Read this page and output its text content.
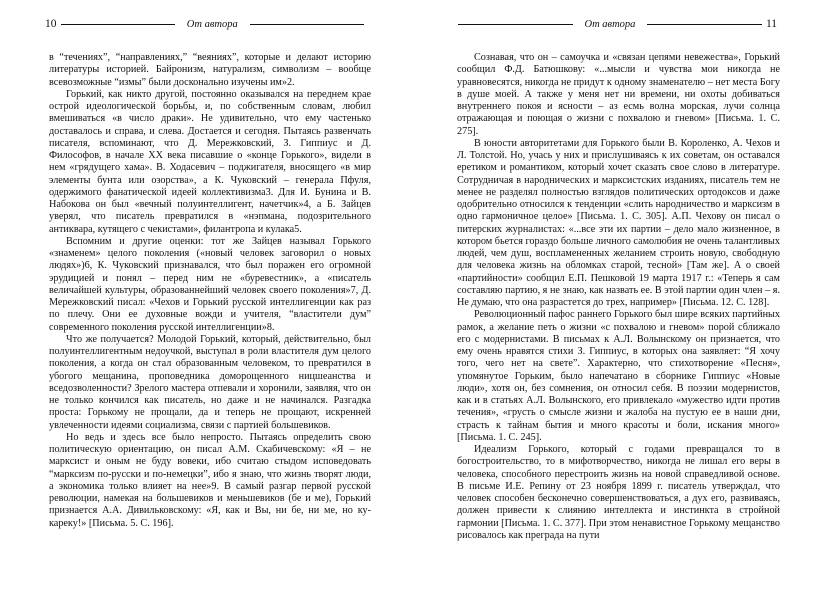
10	От автора

в “течениях”, “направлениях,” “веяниях”, которые и делают историю литературы историей. Байронизм, натурализм, символизм – вообще всевозможные “измы” были досконально изучены им»2.

Горький, как никто другой, постоянно оказывался на переднем крае острой идеологической борьбы, и, по собственным словам, любил вмешиваться «в число драки». Не удивительно, что ему частенько доставалось и справа, и слева. Достается и сегодня. Пытаясь развенчать писателя, вспоминают, что Д. Мережковский, З. Гиппиус и Д. Философов, в начале ХХ века писавшие о «конце Горького», видели в нем «грядущего хама». В. Ходасевич – поджигателя, вносящего «в мир элементы бунта или озорства», а К. Чуковский – генерала Пфуля, одержимого фанатической идеей коллективизма3. Для И. Бунина и В. Набокова он был «вечный полуинтеллигент, начетчик»4, а Б. Зайцев уверял, что писатель превратился в «нэпмана, подозрительного антиквара, кутящего с чекистами», филантропа и кулака5.

Вспомним и другие оценки: тот же Зайцев называл Горького «знаменем» целого поколения («новый человек заговорил о новых людях»)6, К. Чуковский признавался, что был поражен его огромной эрудицией и понял – перед ним не «буревестник», а «писатель величайшей культуры, образованнейший человек своего поколения»7, Д. Мережковский писал: «Чехов и Горький русской интеллигенции как раз по плечу. Они ее духовные вожди и учителя, “властители дум” современного поколения русской интеллигенции»8.

Что же получается? Молодой Горький, который, действительно, был полуинтеллигентным недоучкой, выступал в роли властителя дум целого поколения, а когда он стал образованным человеком, то превратился в убогого мещанина, проповедника доморощенного ницшеанства и вседозволенности? Зрелого мастера отпевали и хоронили, заявляя, что он не только кончился как писатель, но даже и не начинался. Разгадка проста: Горькому не прощали, да и теперь не прощают, искренней увлеченности идеями социализма, связи с партией большевиков.

Но ведь и здесь все было непросто. Пытаясь определить свою политическую ориентацию, он писал А.М. Скабичевскому: «Я – не марксист и оным не буду вовеки, ибо считаю стыдом исповедовать “марксизм по-русски и по-немецки”, ибо я знаю, что жизнь творят люди, а экономика только влияет на нее»9. В самый разгар первой русской революции, намекая на большевиков и меньшевиков (бе и ме), Горький признается А.А. Дивильковскому: «Я, как и Вы, ни бе, ни ме, но ку-кареку!» [Письма. 5. С. 196].

От автора	11

Сознавая, что он – самоучка и «связан цепями невежества», Горький сообщил Ф.Д. Батюшкову: «...мысли и чувства мои никогда не уравновесятся, никогда не придут к одному знаменателю – нет места Богу в душе моей. А также у меня нет ни времени, ни охоты добиваться внутреннего покоя и ясности – аз есмь волна морская, лучи солнца отражающая и поющая о жизни с похвалою и гневом» [Письма. 1. С. 275].

В юности авторитетами для Горького были В. Короленко, А. Чехов и Л. Толстой. Но, учась у них и прислушиваясь к их советам, он оставался еретиком и романтиком, который хочет сказать свое слово в литературе. Сотрудничая в народнических и марксистских изданиях, писатель тем не менее не разделял полностью взглядов политических ортодоксов и даже одобрительно относился к тенденции «слить народничество и марксизм в одно гармоничное целое» [Письма. 1. С. 305]. А.П. Чехову он писал о питерских журналистах: «...все эти их партии – дело мало жизненное, в котором бьется гораздо больше личного самолюбия не очень талантливых людей, чем душ, воспламененных желанием строить новую, свободную для человека жизнь на обломках старой, тесной» [Там же]. А о своей «партийности» сообщил Е.П. Пешковой 19 марта 1917 г.: «Теперь я сам составляю партию, я не знаю, как назвать ее. В этой партии один член – я. Не думаю, что она разрастется до трех, например» [Письма. 12. С. 128].

Революционный пафос раннего Горького был шире всяких партийных рамок, а желание петь о жизни «с похвалою и гневом» порой сближало его с модернистами. В письмах к А.Л. Волынскому он признается, что ему очень нравятся стихи З. Гиппиус, в которых она заявляет: “Я хочу того, чего нет на свете”. Характерно, что стихотворение «Песня», упомянутое Горьким, было напечатано в сборнике Гиппиус «Новые люди», хотя он, без сомнения, он относил себя. В поэзии модернистов, как и в статьях А.Л. Волынского, его привлекало «мужество идти против течения», «грусть о смысле жизни и жалоба на пустую ее в наши дни, страсть к тайнам бытия и много красоты и боли, искания много» [Письма. 1. С. 245].

Идеализм Горького, который с годами превращался то в богостроительство, то в мифотворчество, никогда не лишал его веры в человека, способного перестроить жизнь на новой справедливой основе. В письме И.Е. Репину от 23 ноября 1899 г. писатель утверждал, что человек способен бесконечно совершенствоваться, а дух его, развиваясь, должен привести к слиянию интеллекта и инстинкта в стройной гармонии [Письма. 1. С. 377]. При этом ненавистное Горькому мещанство рисовалось как преграда на пути
